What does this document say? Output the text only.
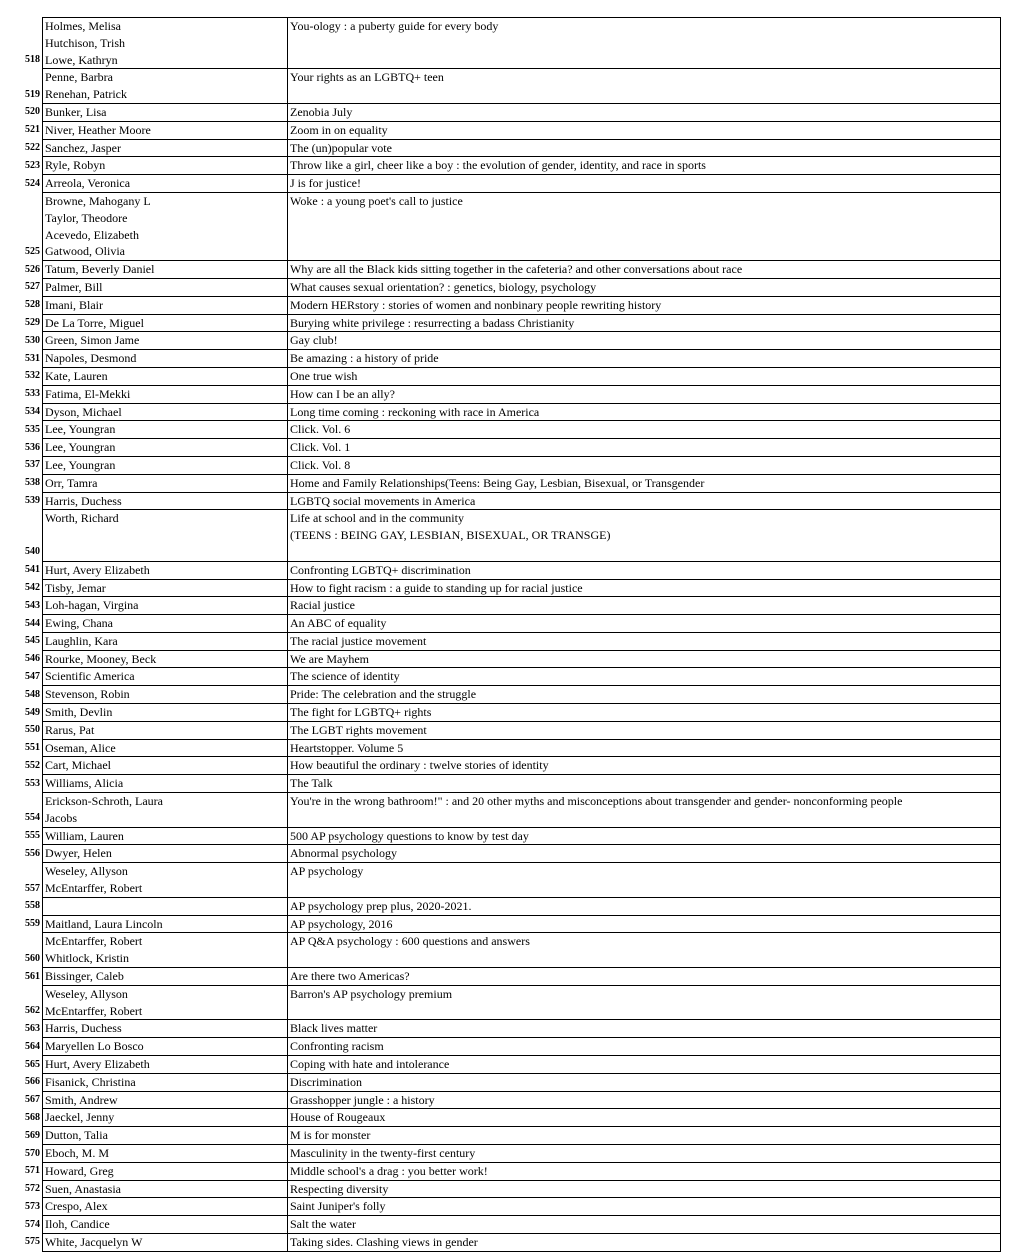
518	Holmes, Melisa
Hutchison, Trish
Lowe, Kathryn	You-ology : a puberty guide for every body

519	Penne, Barbra
Renehan, Patrick	Your rights as an LGBTQ+ teen

520	Bunker, Lisa	Zenobia July

521	Niver, Heather Moore	Zoom in on equality

522	Sanchez, Jasper	The (un)popular vote

523	Ryle, Robyn	Throw like a girl, cheer like a boy : the evolution of gender, identity, and race in sports

524	Arreola, Veronica	J is for justice!

525	Browne, Mahogany L
Taylor, Theodore
Acevedo, Elizabeth
Gatwood, Olivia	Woke : a young poet's call to justice

526	Tatum, Beverly Daniel	Why are all the Black kids sitting together in the cafeteria? and other conversations about race

527	Palmer, Bill	What causes sexual orientation? : genetics, biology, psychology

528	Imani, Blair	Modern HERstory : stories of women and nonbinary people rewriting history

529	De La Torre, Miguel	Burying white privilege : resurrecting a badass Christianity

530	Green, Simon Jame	Gay club!

531	Napoles, Desmond	Be amazing : a history of pride

532	Kate, Lauren	One true wish

533	Fatima, El-Mekki	How can I be an ally?

534	Dyson, Michael	Long time coming : reckoning with race in America

535	Lee, Youngran	Click. Vol. 6

536	Lee, Youngran	Click. Vol. 1

537	Lee, Youngran	Click. Vol. 8

538	Orr, Tamra	Home and Family Relationships(Teens: Being Gay, Lesbian, Bisexual, or Transgender

539	Harris, Duchess	LGBTQ social movements in America

540	Worth, Richard	Life at school and in the community
(TEENS : BEING GAY, LESBIAN, BISEXUAL, OR TRANSGE)

541	Hurt, Avery Elizabeth	Confronting LGBTQ+ discrimination

542	Tisby, Jemar	How to fight racism : a guide to standing up for racial justice

543	Loh-hagan, Virgina	Racial justice

544	Ewing, Chana	An ABC of equality

545	Laughlin, Kara	The racial justice movement

546	Rourke, Mooney, Beck	We are Mayhem

547	Scientific America	The science of identity

548	Stevenson, Robin	Pride: The celebration and the struggle

549	Smith, Devlin	The fight for LGBTQ+ rights

550	Rarus, Pat	The LGBT rights movement

551	Oseman, Alice	Heartstopper. Volume 5

552	Cart, Michael	How beautiful the ordinary : twelve stories of identity

553	Williams, Alicia	The Talk

554	Erickson-Schroth, Laura
Jacobs	You're in the wrong bathroom!" : and 20 other myths and misconceptions about transgender and gender- nonconforming people

555	William, Lauren	500 AP psychology questions to know by test day

556	Dwyer, Helen	Abnormal psychology

557	Weseley, Allyson
McEntarffer, Robert	AP psychology

558		AP psychology prep plus, 2020-2021.

559	Maitland, Laura Lincoln	AP psychology, 2016

560	McEntarffer, Robert
Whitlock, Kristin	AP Q&A psychology : 600 questions and answers

561	Bissinger, Caleb	Are there two Americas?

562	Weseley, Allyson
McEntarffer, Robert	Barron's AP psychology premium

563	Harris, Duchess	Black lives matter

564	Maryellen Lo Bosco	Confronting racism

565	Hurt, Avery Elizabeth	Coping with hate and intolerance

566	Fisanick, Christina	Discrimination

567	Smith, Andrew	Grasshopper jungle : a history

568	Jaeckel, Jenny	House of Rougeaux

569	Dutton, Talia	M is for monster

570	Eboch, M. M	Masculinity in the twenty-first century

571	Howard, Greg	Middle school's a drag : you better work!

572	Suen, Anastasia	Respecting diversity

573	Crespo, Alex	Saint Juniper's folly

574	Iloh, Candice	Salt the water

575	White, Jacquelyn W	Taking sides. Clashing views in gender
